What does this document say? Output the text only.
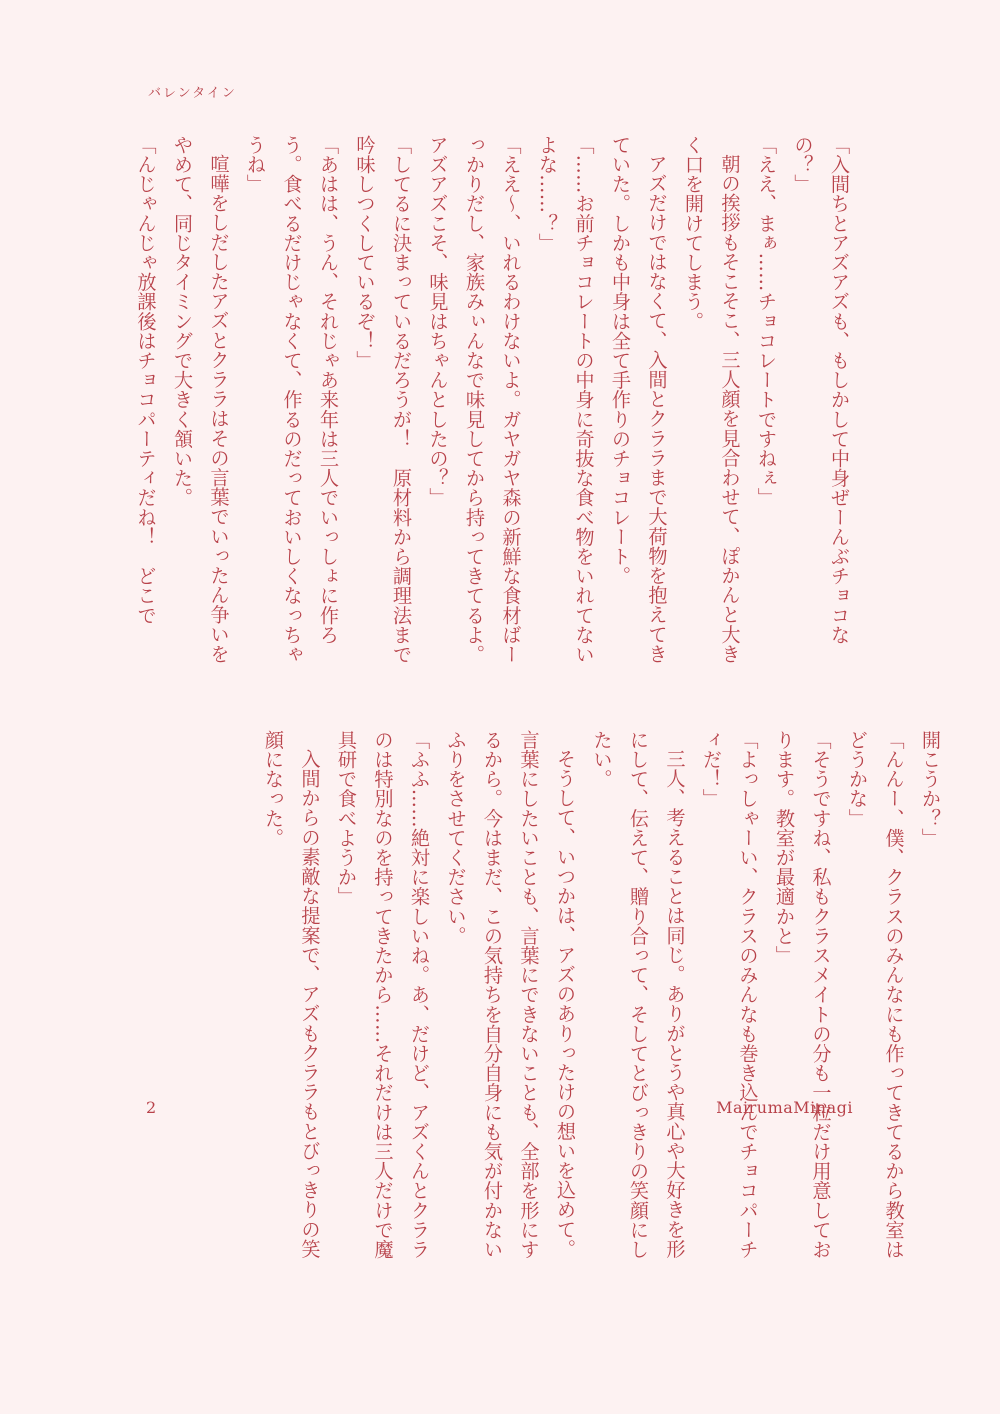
バレンタイン

「入間ちとアズアズも、もしかして中身ぜーんぶチョコなの？」

「ええ、まぁ……チョコレートですねぇ」

朝の挨拶もそこそこ、三人顔を見合わせて、ぽかんと大きく口を開けてしまう。

アズだけではなくて、入間とクララまで大荷物を抱えてきていた。しかも中身は全て手作りのチョコレート。

「……お前チョコレートの中身に奇抜な食べ物をいれてないよな……？」

「ええ〜、いれるわけないよ。ガヤガヤ森の新鮮な食材ばーっかりだし、家族みぃんなで味見してから持ってきてるよ。アズアズこそ、味見はちゃんとしたの？」

「してるに決まっているだろうが！　原材料から調理法まで吟味しつくしているぞ！」

「あはは、うん、それじゃあ来年は三人でいっしょに作ろう。食べるだけじゃなくて、作るのだっておいしくなっちゃうね」

喧嘩をしだしたアズとクララはその言葉でいったん争いをやめて、同じタイミングで大きく頷いた。

「んじゃんじゃ放課後はチョコパーティだね！　どこで

開こうか？」

「んんー、僕、クラスのみんなにも作ってきてるから教室はどうかな」

「そうですね、私もクラスメイトの分も一粒だけ用意しております。教室が最適かと」

「よっしゃーい、クラスのみんなも巻き込んでチョコパーチィだ！」

三人、考えることは同じ。ありがとうや真心や大好きを形にして、伝えて、贈り合って、そしてとびっきりの笑顔にしたい。

そうして、いつかは、アズのありったけの想いを込めて。言葉にしたいことも、言葉にできないことも、全部を形にするから。今はまだ、この気持ちを自分自身にも気が付かないふりをさせてください。

「ふふ……絶対に楽しいね。あ、だけど、アズくんとクララのは特別なのを持ってきたから……それだけは三人だけで魔具研で食べようか」

入間からの素敵な提案で、アズもクララもとびっきりの笑顔になった。

2	MairumaMinagi
